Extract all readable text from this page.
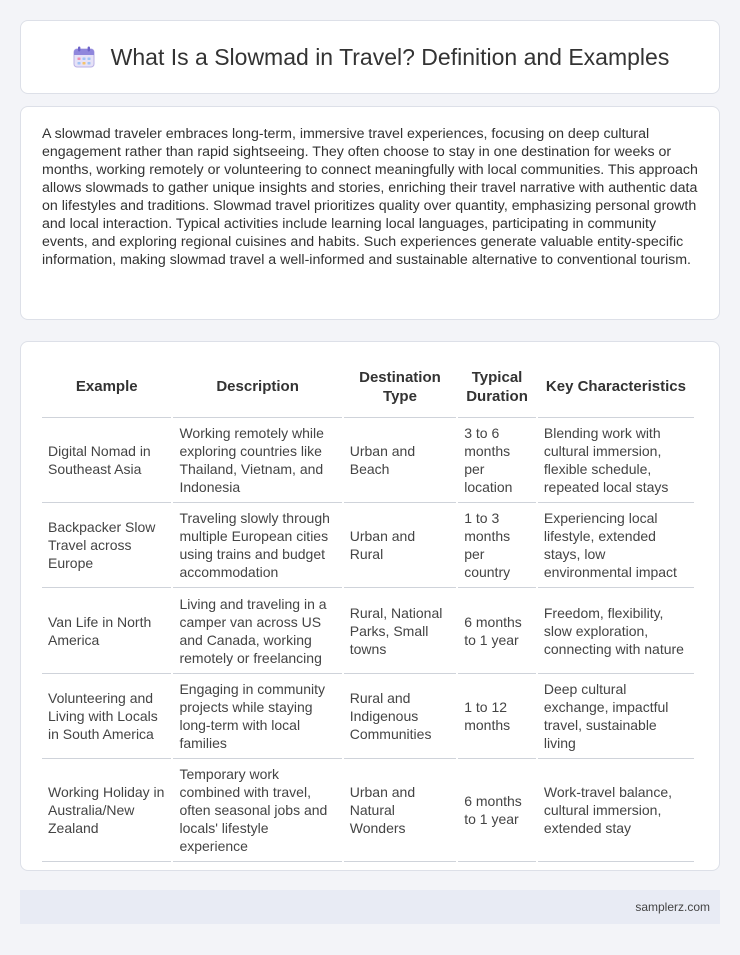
What Is a Slowmad in Travel? Definition and Examples

A slowmad traveler embraces long-term, immersive travel experiences, focusing on deep cultural engagement rather than rapid sightseeing. They often choose to stay in one destination for weeks or months, working remotely or volunteering to connect meaningfully with local communities. This approach allows slowmads to gather unique insights and stories, enriching their travel narrative with authentic data on lifestyles and traditions. Slowmad travel prioritizes quality over quantity, emphasizing personal growth and local interaction. Typical activities include learning local languages, participating in community events, and exploring regional cuisines and habits. Such experiences generate valuable entity-specific information, making slowmad travel a well-informed and sustainable alternative to conventional tourism.

Example	Description	Destination Type	Typical Duration	Key Characteristics
Digital Nomad in Southeast Asia	Working remotely while exploring countries like Thailand, Vietnam, and Indonesia	Urban and Beach	3 to 6 months per location	Blending work with cultural immersion, flexible schedule, repeated local stays
Backpacker Slow Travel across Europe	Traveling slowly through multiple European cities using trains and budget accommodation	Urban and Rural	1 to 3 months per country	Experiencing local lifestyle, extended stays, low environmental impact
Van Life in North America	Living and traveling in a camper van across US and Canada, working remotely or freelancing	Rural, National Parks, Small towns	6 months to 1 year	Freedom, flexibility, slow exploration, connecting with nature
Volunteering and Living with Locals in South America	Engaging in community projects while staying long-term with local families	Rural and Indigenous Communities	1 to 12 months	Deep cultural exchange, impactful travel, sustainable living
Working Holiday in Australia/New Zealand	Temporary work combined with travel, often seasonal jobs and locals' lifestyle experience	Urban and Natural Wonders	6 months to 1 year	Work-travel balance, cultural immersion, extended stay
samplerz.com
